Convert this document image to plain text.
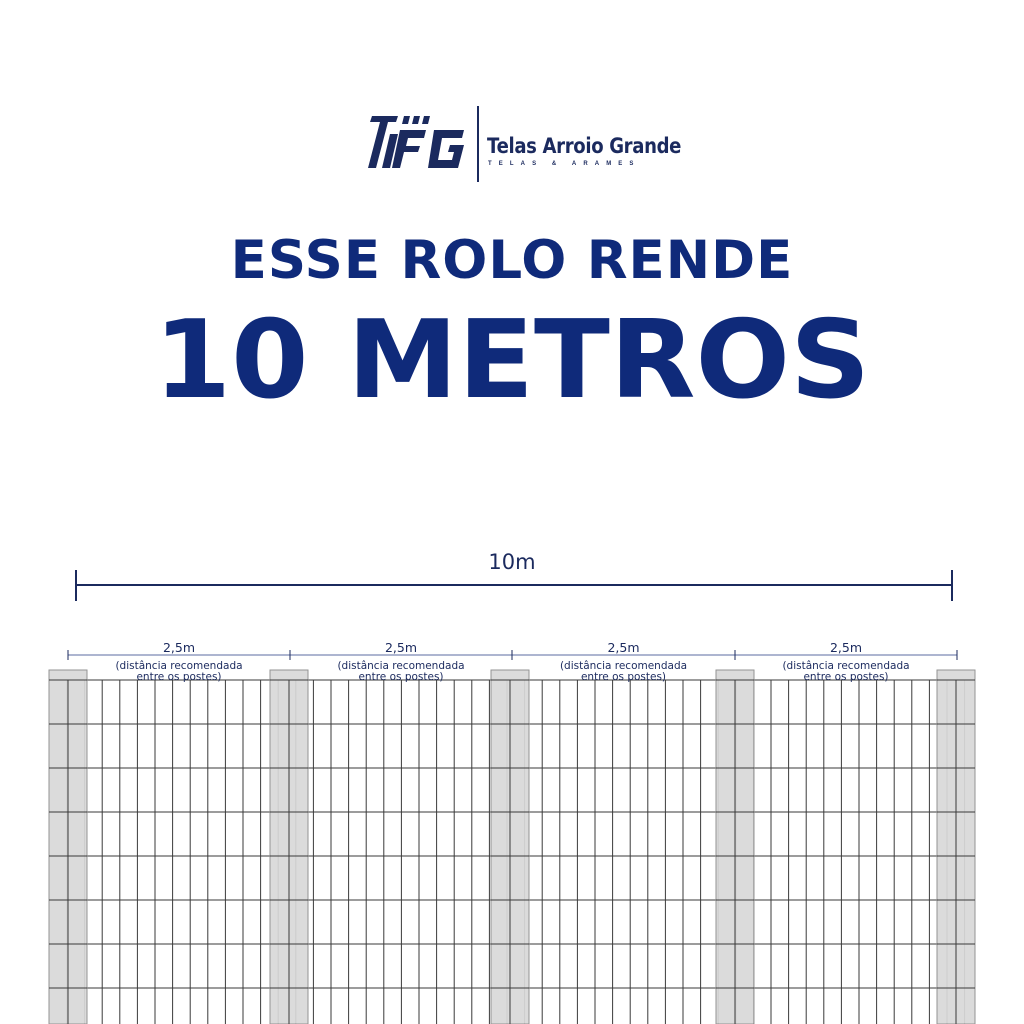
Telas Arroio Grande
TELAS & ARAMES
ESSE ROLO RENDE
10 METROS
10m
2,5m
(distância recomendada
entre os postes)
2,5m
(distância recomendada
entre os postes)
2,5m
(distância recomendada
entre os postes)
2,5m
(distância recomendada
entre os postes)
